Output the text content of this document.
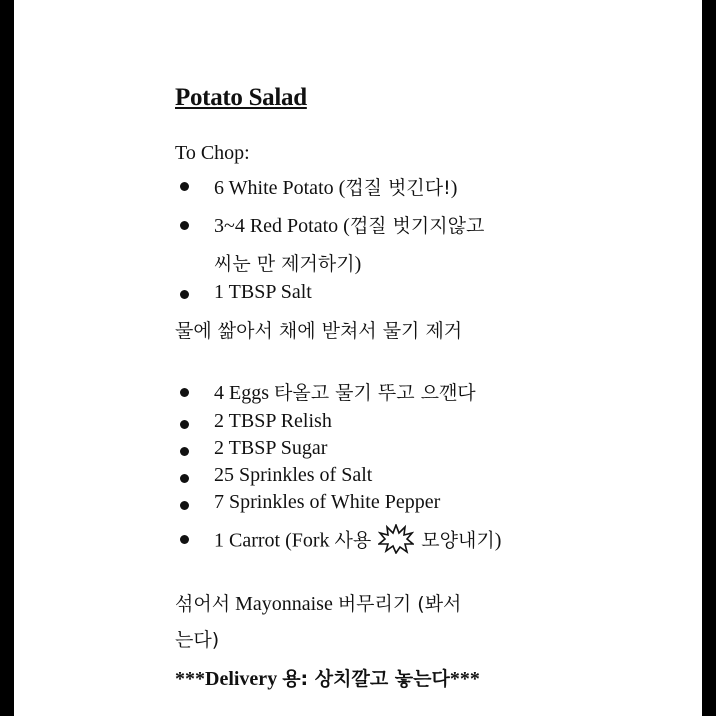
Potato Salad
To Chop:
6 White Potato (껍질 벗긴다!)
3~4 Red Potato (껍질 벗기지않고
씨눈 만 제거하기)
1 TBSP Salt
물에 쌂아서 채에 받쳐서 물기 제거
4 Eggs 타올고 물기 뚜고 으깬다
2 TBSP Relish
2 TBSP Sugar
25 Sprinkles of Salt
7 Sprinkles of White Pepper
1 Carrot (Fork 사용	모양내기)
섞어서 Mayonnaise 버무리기 (봐서
는다)
***Delivery 용: 상치깔고 놓는다***
